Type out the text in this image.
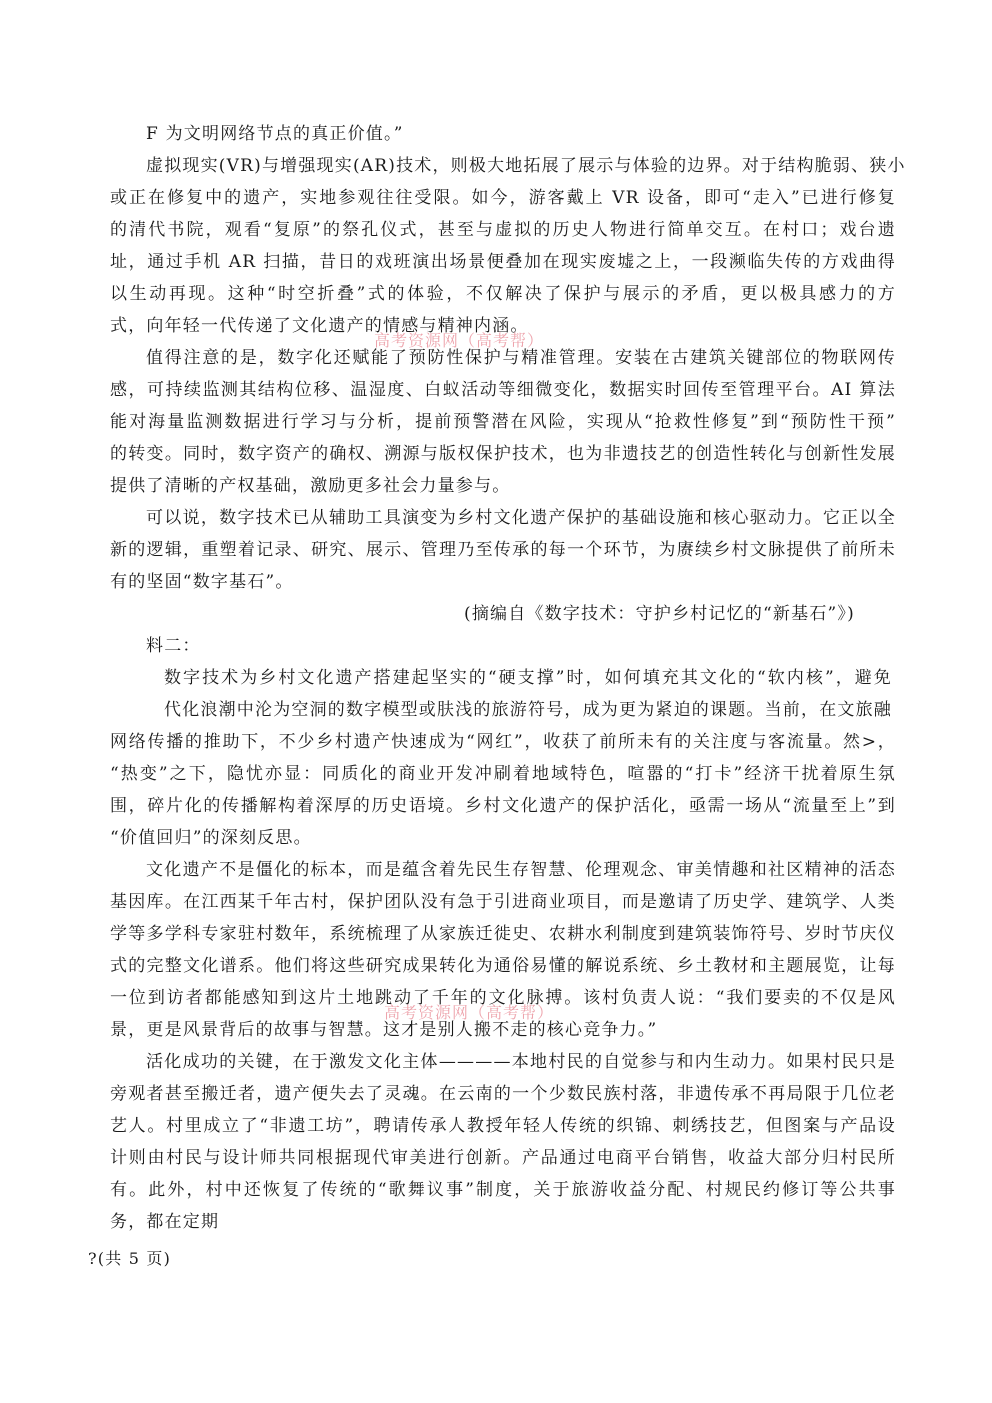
F 为文明网络节点的真正价值。”
虚拟现实(VR)与增强现实(AR)技术，则极大地拓展了展示与体验的边界。对于结构脆弱、狭小
或正在修复中的遗产，实地参观往往受限。如今，游客戴上 VR 设备，即可“走入”已进行修复
的清代书院，观看“复原”的祭孔仪式，甚至与虚拟的历史人物进行简单交互。在村口；戏台遗
址，通过手机 AR 扫描，昔日的戏班演出场景便叠加在现实废墟之上，一段濒临失传的方戏曲得
以生动再现。这种“时空折叠”式的体验，不仅解决了保护与展示的矛盾，更以极具感力的方
式，向年轻一代传递了文化遗产的情感与精神内涵。
值得注意的是，数字化还赋能了预防性保护与精准管理。安装在古建筑关键部位的物联网传
感，可持续监测其结构位移、温湿度、白蚁活动等细微变化，数据实时回传至管理平台。AI 算法
能对海量监测数据进行学习与分析，提前预警潜在风险，实现从“抢救性修复”到“预防性干预”
的转变。同时，数字资产的确权、溯源与版权保护技术，也为非遗技艺的创造性转化与创新性发展
提供了清晰的产权基础，激励更多社会力量参与。
可以说，数字技术已从辅助工具演变为乡村文化遗产保护的基础设施和核心驱动力。它正以全
新的逻辑，重塑着记录、研究、展示、管理乃至传承的每一个环节，为赓续乡村文脉提供了前所未
有的坚固“数字基石”。
(摘编自《数字技术：守护乡村记忆的“新基石”》)
料二：
数字技术为乡村文化遗产搭建起坚实的“硬支撑”时，如何填充其文化的“软内核”，避免
代化浪潮中沦为空洞的数字模型或肤浅的旅游符号，成为更为紧迫的课题。当前，在文旅融
网络传播的推助下，不少乡村遗产快速成为“网红”，收获了前所未有的关注度与客流量。然>，
“热变”之下，隐忧亦显：同质化的商业开发冲刷着地域特色，喧嚣的“打卡”经济干扰着原生氛
围，碎片化的传播解构着深厚的历史语境。乡村文化遗产的保护活化，亟需一场从“流量至上”到
“价值回归”的深刻反思。
文化遗产不是僵化的标本，而是蕴含着先民生存智慧、伦理观念、审美情趣和社区精神的活态
基因库。在江西某千年古村，保护团队没有急于引进商业项目，而是邀请了历史学、建筑学、人类
学等多学科专家驻村数年，系统梳理了从家族迁徙史、农耕水利制度到建筑装饰符号、岁时节庆仪
式的完整文化谱系。他们将这些研究成果转化为通俗易懂的解说系统、乡土教材和主题展览，让每
一位到访者都能感知到这片土地跳动了千年的文化脉搏。该村负责人说：“我们要卖的不仅是风
景，更是风景背后的故事与智慧。这才是别人搬不走的核心竞争力。”
活化成功的关键，在于激发文化主体————本地村民的自觉参与和内生动力。如果村民只是
旁观者甚至搬迁者，遗产便失去了灵魂。在云南的一个少数民族村落，非遗传承不再局限于几位老
艺人。村里成立了“非遗工坊”，聘请传承人教授年轻人传统的织锦、刺绣技艺，但图案与产品设
计则由村民与设计师共同根据现代审美进行创新。产品通过电商平台销售，收益大部分归村民所
有。此外，村中还恢复了传统的“歌舞议事”制度，关于旅游收益分配、村规民约修订等公共事
务，都在定期
?(共 5 页)
高考资源网（高考帮）
高考资源网（高考帮）
